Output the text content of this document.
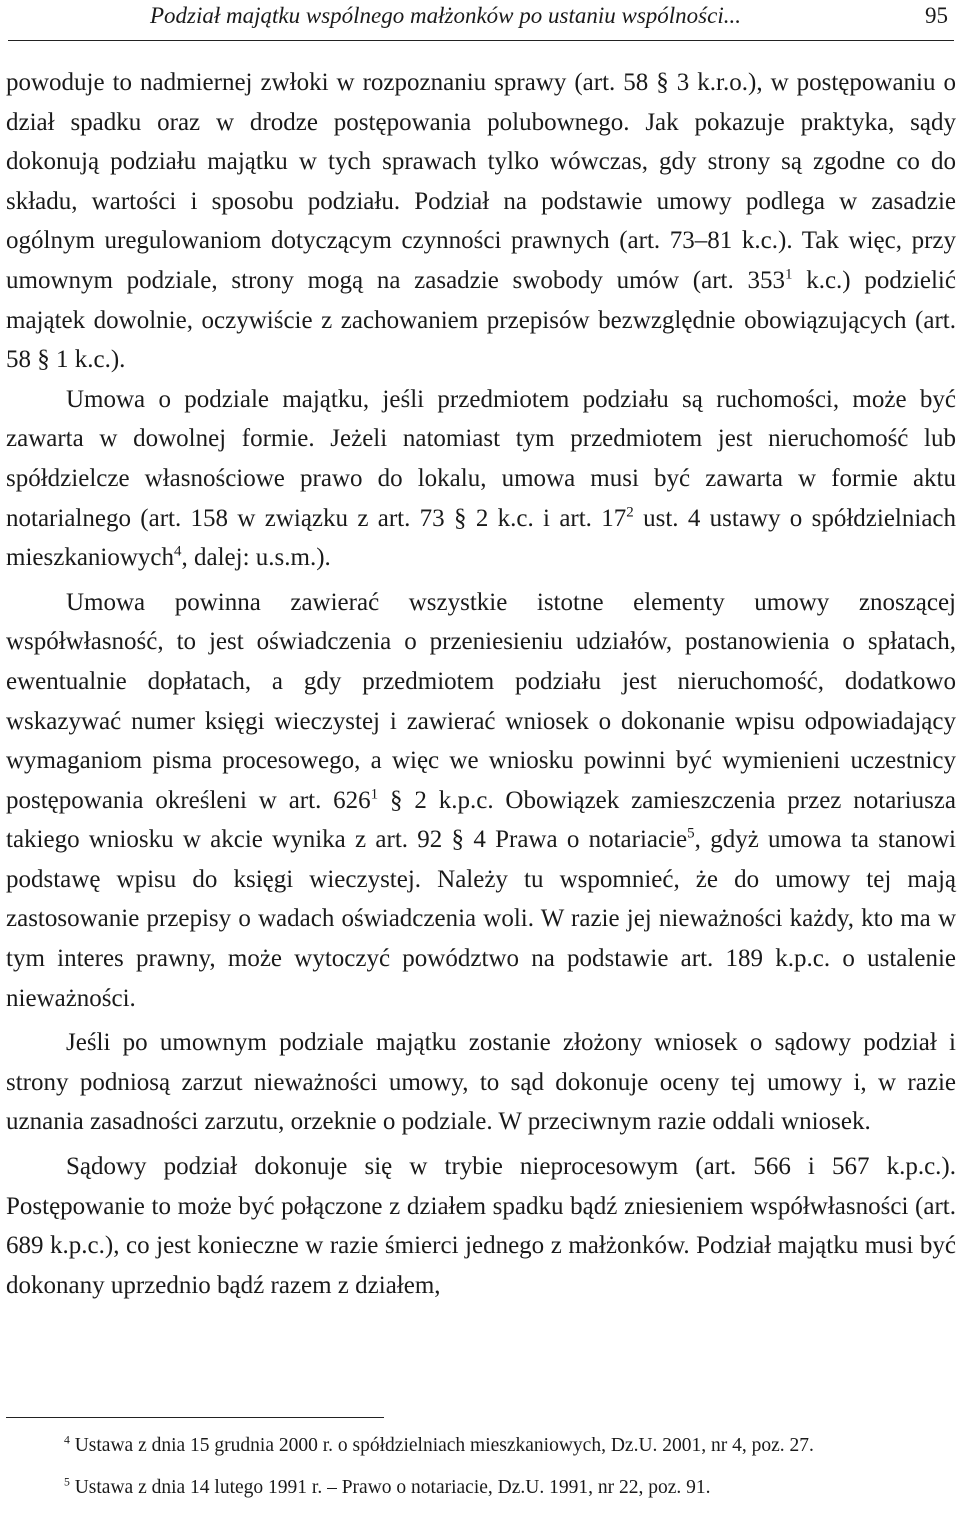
Podział majątku wspólnego małżonków po ustaniu wspólności...	95

powoduje to nadmiernej zwłoki w rozpoznaniu sprawy (art. 58 § 3 k.r.o.), w postępowaniu o dział spadku oraz w drodze postępowania polubownego. Jak pokazuje praktyka, sądy dokonują podziału majątku w tych sprawach tylko wówczas, gdy strony są zgodne co do składu, wartości i sposobu podziału. Podział na podstawie umowy podlega w zasadzie ogólnym uregulowaniom dotyczącym czynności prawnych (art. 73–81 k.c.). Tak więc, przy umownym podziale, strony mogą na zasadzie swobody umów (art. $353^1$ k.c.) podzielić majątek dowolnie, oczywiście z zachowaniem przepisów bezwzględnie obowiązujących (art. 58 § 1 k.c.).

Umowa o podziale majątku, jeśli przedmiotem podziału są ruchomości, może być zawarta w dowolnej formie. Jeżeli natomiast tym przedmiotem jest nieruchomość lub spółdzielcze własnościowe prawo do lokalu, umowa musi być zawarta w formie aktu notarialnego (art. 158 w związku z art. 73 § 2 k.c. i art. $17^2$ ust. 4 ustawy o spółdzielniach mieszkaniowych$^4$, dalej: u.s.m.).

Umowa powinna zawierać wszystkie istotne elementy umowy znoszącej współwłasność, to jest oświadczenia o przeniesieniu udziałów, postanowienia o spłatach, ewentualnie dopłatach, a gdy przedmiotem podziału jest nieruchomość, dodatkowo wskazywać numer księgi wieczystej i zawierać wniosek o dokonanie wpisu odpowiadający wymaganiom pisma procesowego, a więc we wniosku powinni być wymienieni uczestnicy postępowania określeni w art. $626^1$ § 2 k.p.c. Obowiązek zamieszczenia przez notariusza takiego wniosku w akcie wynika z art. 92 § 4 Prawa o notariacie$^5$, gdyż umowa ta stanowi podstawę wpisu do księgi wieczystej. Należy tu wspomnieć, że do umowy tej mają zastosowanie przepisy o wadach oświadczenia woli. W razie jej nieważności każdy, kto ma w tym interes prawny, może wytoczyć powództwo na podstawie art. 189 k.p.c. o ustalenie nieważności.

Jeśli po umownym podziale majątku zostanie złożony wniosek o sądowy podział i strony podniosą zarzut nieważności umowy, to sąd dokonuje oceny tej umowy i, w razie uznania zasadności zarzutu, orzeknie o podziale. W przeciwnym razie oddali wniosek.

Sądowy podział dokonuje się w trybie nieprocesowym (art. 566 i 567 k.p.c.). Postępowanie to może być połączone z działem spadku bądź zniesieniem współwłasności (art. 689 k.p.c.), co jest konieczne w razie śmierci jednego z małżonków. Podział majątku musi być dokonany uprzednio bądź razem z działem,

$^4$ Ustawa z dnia 15 grudnia 2000 r. o spółdzielniach mieszkaniowych, Dz.U. 2001, nr 4, poz. 27.

$^5$ Ustawa z dnia 14 lutego 1991 r. – Prawo o notariacie, Dz.U. 1991, nr 22, poz. 91.
